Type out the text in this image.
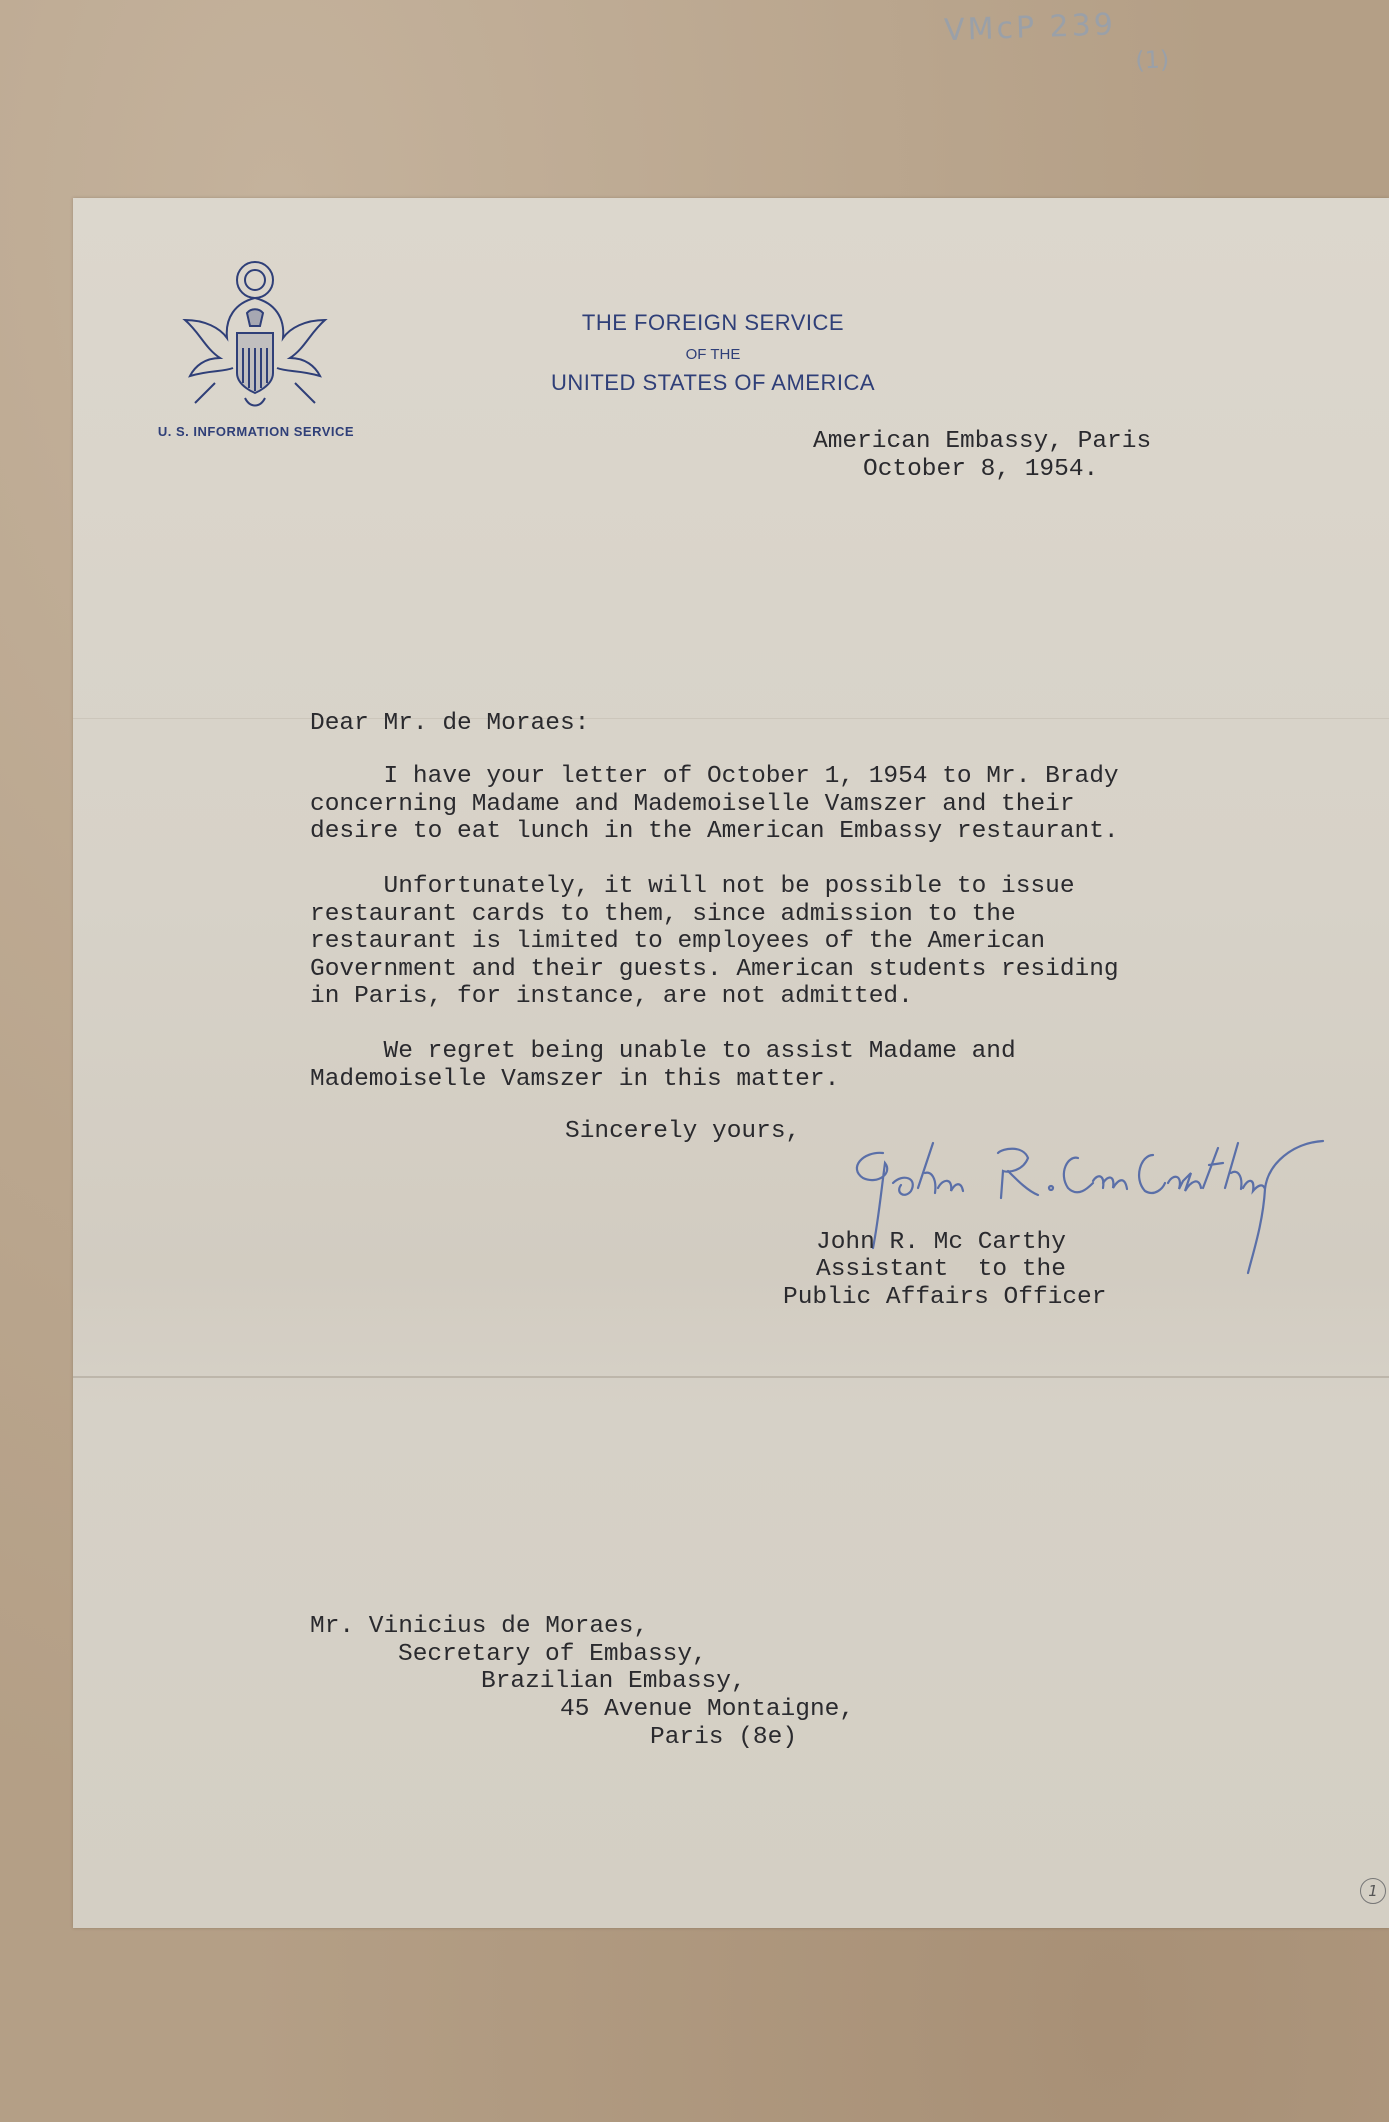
U. S. INFORMATION SERVICE
THE FOREIGN SERVICE
OF THE
UNITED STATES OF AMERICA
American Embassy, Paris
October 8, 1954.
Dear Mr. de Moraes:
I have your letter of October 1, 1954 to Mr. Brady
concerning Madame and Mademoiselle Vamszer and their
desire to eat lunch in the American Embassy restaurant.
Unfortunately, it will not be possible to issue
restaurant cards to them, since admission to the
restaurant is limited to employees of the American
Government and their guests. American students residing
in Paris, for instance, are not admitted.
We regret being unable to assist Madame and
Mademoiselle Vamszer in this matter.
Sincerely yours,
John R. Mc Carthy
Assistant  to the
Public Affairs Officer
Mr. Vinicius de Moraes,
Secretary of Embassy,
Brazilian Embassy,
45 Avenue Montaigne,
Paris (8e)
1
VMcP 239
(1)
